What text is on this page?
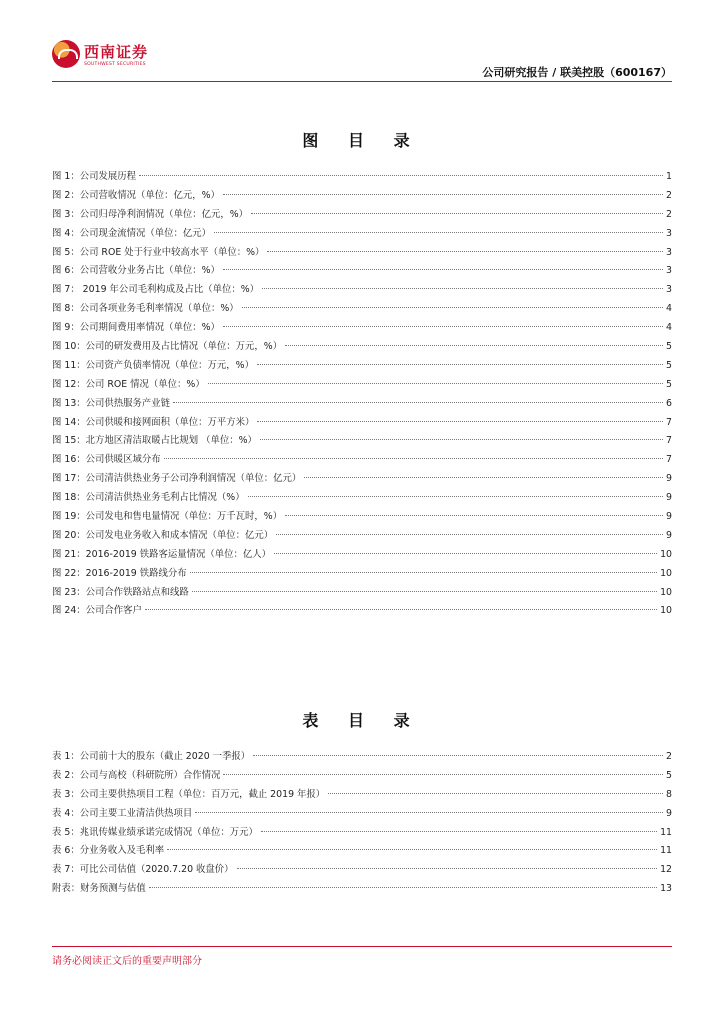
西南证券
SOUTHWEST SECURITIES
公司研究报告 / 联美控股（600167）
图 目 录
图 1：公司发展历程	1
图 2：公司营收情况（单位：亿元，%）	2
图 3：公司归母净利润情况（单位：亿元，%）	2
图 4：公司现金流情况（单位：亿元）	3
图 5：公司 ROE 处于行业中较高水平（单位：%）	3
图 6：公司营收分业务占比（单位：%）	3
图 7： 2019 年公司毛利构成及占比（单位：%）	3
图 8：公司各项业务毛利率情况（单位：%）	4
图 9：公司期间费用率情况（单位：%）	4
图 10：公司的研发费用及占比情况（单位：万元，%）	5
图 11：公司资产负债率情况（单位：万元，%）	5
图 12：公司 ROE 情况（单位：%）	5
图 13：公司供热服务产业链	6
图 14：公司供暖和接网面积（单位：万平方米）	7
图 15：北方地区清洁取暖占比规划 （单位：%）	7
图 16：公司供暖区域分布	7
图 17：公司清洁供热业务子公司净利润情况（单位：亿元）	9
图 18：公司清洁供热业务毛利占比情况（%）	9
图 19：公司发电和售电量情况（单位：万千瓦时，%）	9
图 20：公司发电业务收入和成本情况（单位：亿元）	9
图 21：2016-2019 铁路客运量情况（单位：亿人）	10
图 22：2016-2019 铁路线分布	10
图 23：公司合作铁路站点和线路	10
图 24：公司合作客户	10
表 目 录
表 1：公司前十大的股东（截止 2020 一季报）	2
表 2：公司与高校（科研院所）合作情况	5
表 3：公司主要供热项目工程（单位：百万元，截止 2019 年报）	8
表 4：公司主要工业清洁供热项目	9
表 5：兆讯传媒业绩承诺完成情况（单位：万元）	11
表 6：分业务收入及毛利率	11
表 7：可比公司估值（2020.7.20 收盘价）	12
附表：财务预测与估值	13
请务必阅读正文后的重要声明部分
